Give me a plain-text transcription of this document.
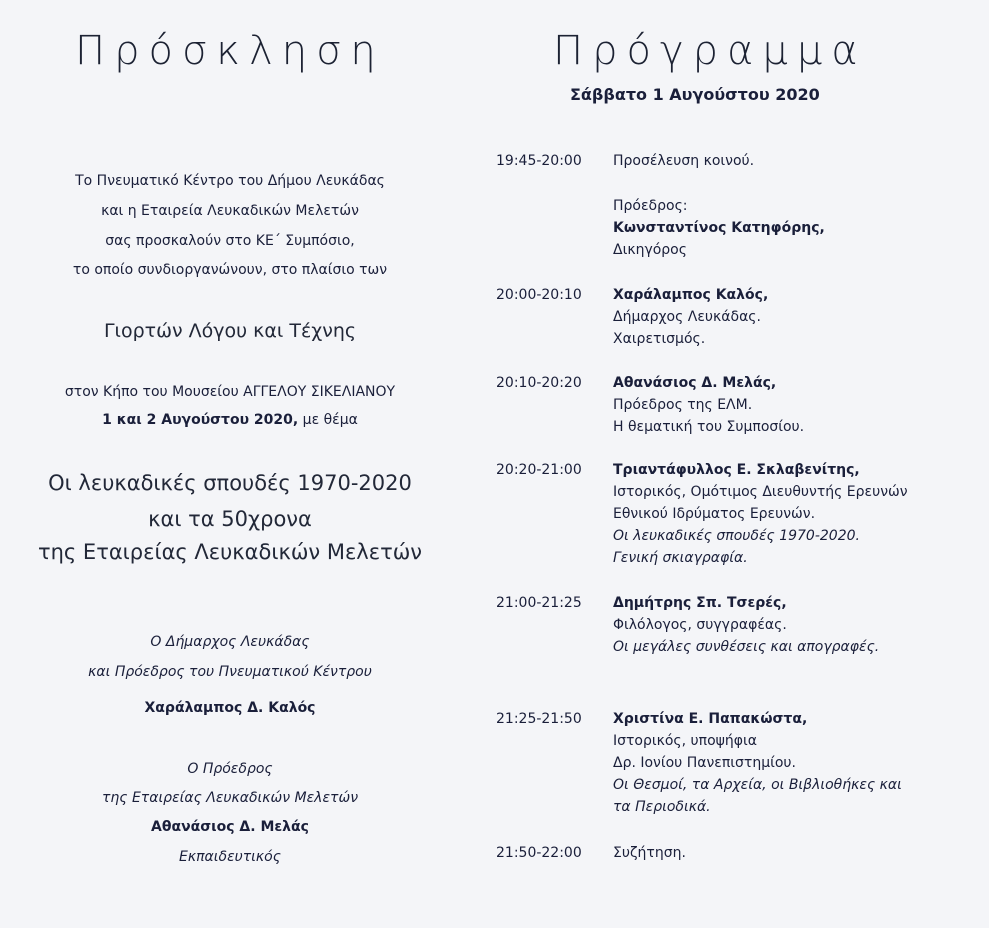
Πρόσκληση
Το Πνευματικό Κέντρο του Δήμου Λευκάδας
και η Εταιρεία Λευκαδικών Μελετών
σας προσκαλούν στο ΚΕ΄ Συμπόσιο,
το οποίο συνδιοργανώνουν, στο πλαίσιο των
Γιορτών Λόγου και Τέχνης
στον Κήπο του Μουσείου ΑΓΓΕΛΟΥ ΣΙΚΕΛΙΑΝΟΥ
1 και 2 Αυγούστου 2020, με θέμα
Οι λευκαδικές σπουδές 1970-2020
και τα 50χρονα
της Εταιρείας Λευκαδικών Μελετών
Ο Δήμαρχος Λευκάδας
και Πρόεδρος του Πνευματικού Κέντρου
Χαράλαμπος Δ. Καλός
Ο Πρόεδρος
της Εταιρείας Λευκαδικών Μελετών
Αθανάσιος Δ. Μελάς
Εκπαιδευτικός
Πρόγραμμα
Σάββατο 1 Αυγούστου 2020
19:45-20:00 Προσέλευση κοινού.
Πρόεδρος:
Κωνσταντίνος Κατηφόρης,
Δικηγόρος
20:00-20:10 Χαράλαμπος Καλός,
Δήμαρχος Λευκάδας.
Χαιρετισμός.
20:10-20:20 Αθανάσιος Δ. Μελάς,
Πρόεδρος της ΕΛΜ.
Η θεματική του Συμποσίου.
20:20-21:00 Τριαντάφυλλος Ε. Σκλαβενίτης,
Ιστορικός, Ομότιμος Διευθυντής Ερευνών
Εθνικού Ιδρύματος Ερευνών.
Οι λευκαδικές σπουδές 1970-2020.
Γενική σκιαγραφία.
21:00-21:25 Δημήτρης Σπ. Τσερές,
Φιλόλογος, συγγραφέας.
Οι μεγάλες συνθέσεις και απογραφές.
21:25-21:50 Χριστίνα Ε. Παπακώστα,
Ιστορικός, υποψήφια
Δρ. Ιονίου Πανεπιστημίου.
Οι Θεσμοί, τα Αρχεία, οι Βιβλιοθήκες και
τα Περιοδικά.
21:50-22:00 Συζήτηση.
